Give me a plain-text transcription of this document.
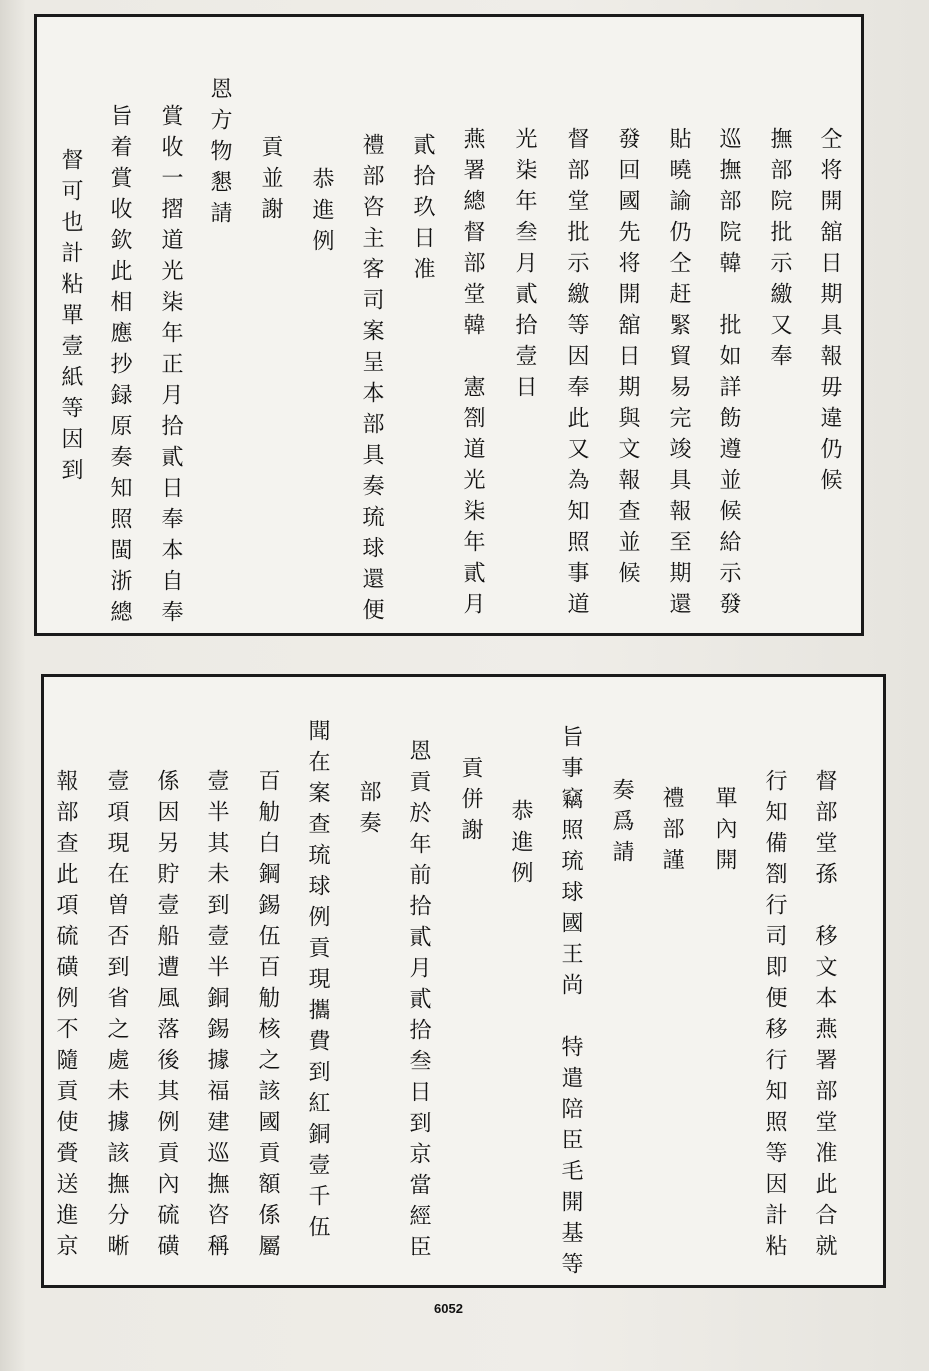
仝将開舘日期具報毋違仍候
撫部院批示繳又奉
巡撫部院韓　批如詳飭遵並候給示發
貼曉諭仍仝赶緊貿易完竣具報至期還
發回國先将開舘日期與文報查並候
督部堂批示繳等因奉此又為知照事道
光柒年叁月貳拾壹日
燕署總督部堂韓　憲劄道光柒年貳月
貳拾玖日准
禮部咨主客司案呈本部具奏琉球還便
　　恭進例
　　貢並謝
恩方物懇請
賞收一摺道光柒年正月拾貳日奉本自奉
旨着賞收欽此相應抄録原奏知照閩浙總
　督可也計粘單壹紙等因到
督部堂孫　移文本燕署部堂准此合就
行知備劄行司即便移行知照等因計粘
　單內開
　禮部謹
　奏爲請
旨事竊照琉球國王尚　特遣陪臣毛開基等
　　恭進例
　貢併謝
恩貢於年前拾貳月貳拾叁日到京當經臣
　部奏
聞在案查琉球例貢現攜費到紅銅壹千伍
百觔白鋼錫伍百觔核之該國貢額係屬
壹半其未到壹半銅錫據福建巡撫咨稱
係因另貯壹船遭風落後其例貢內硫磺
壹項現在曽否到省之處未據該撫分晰
報部查此項硫磺例不隨貢使賫送進京
6052
